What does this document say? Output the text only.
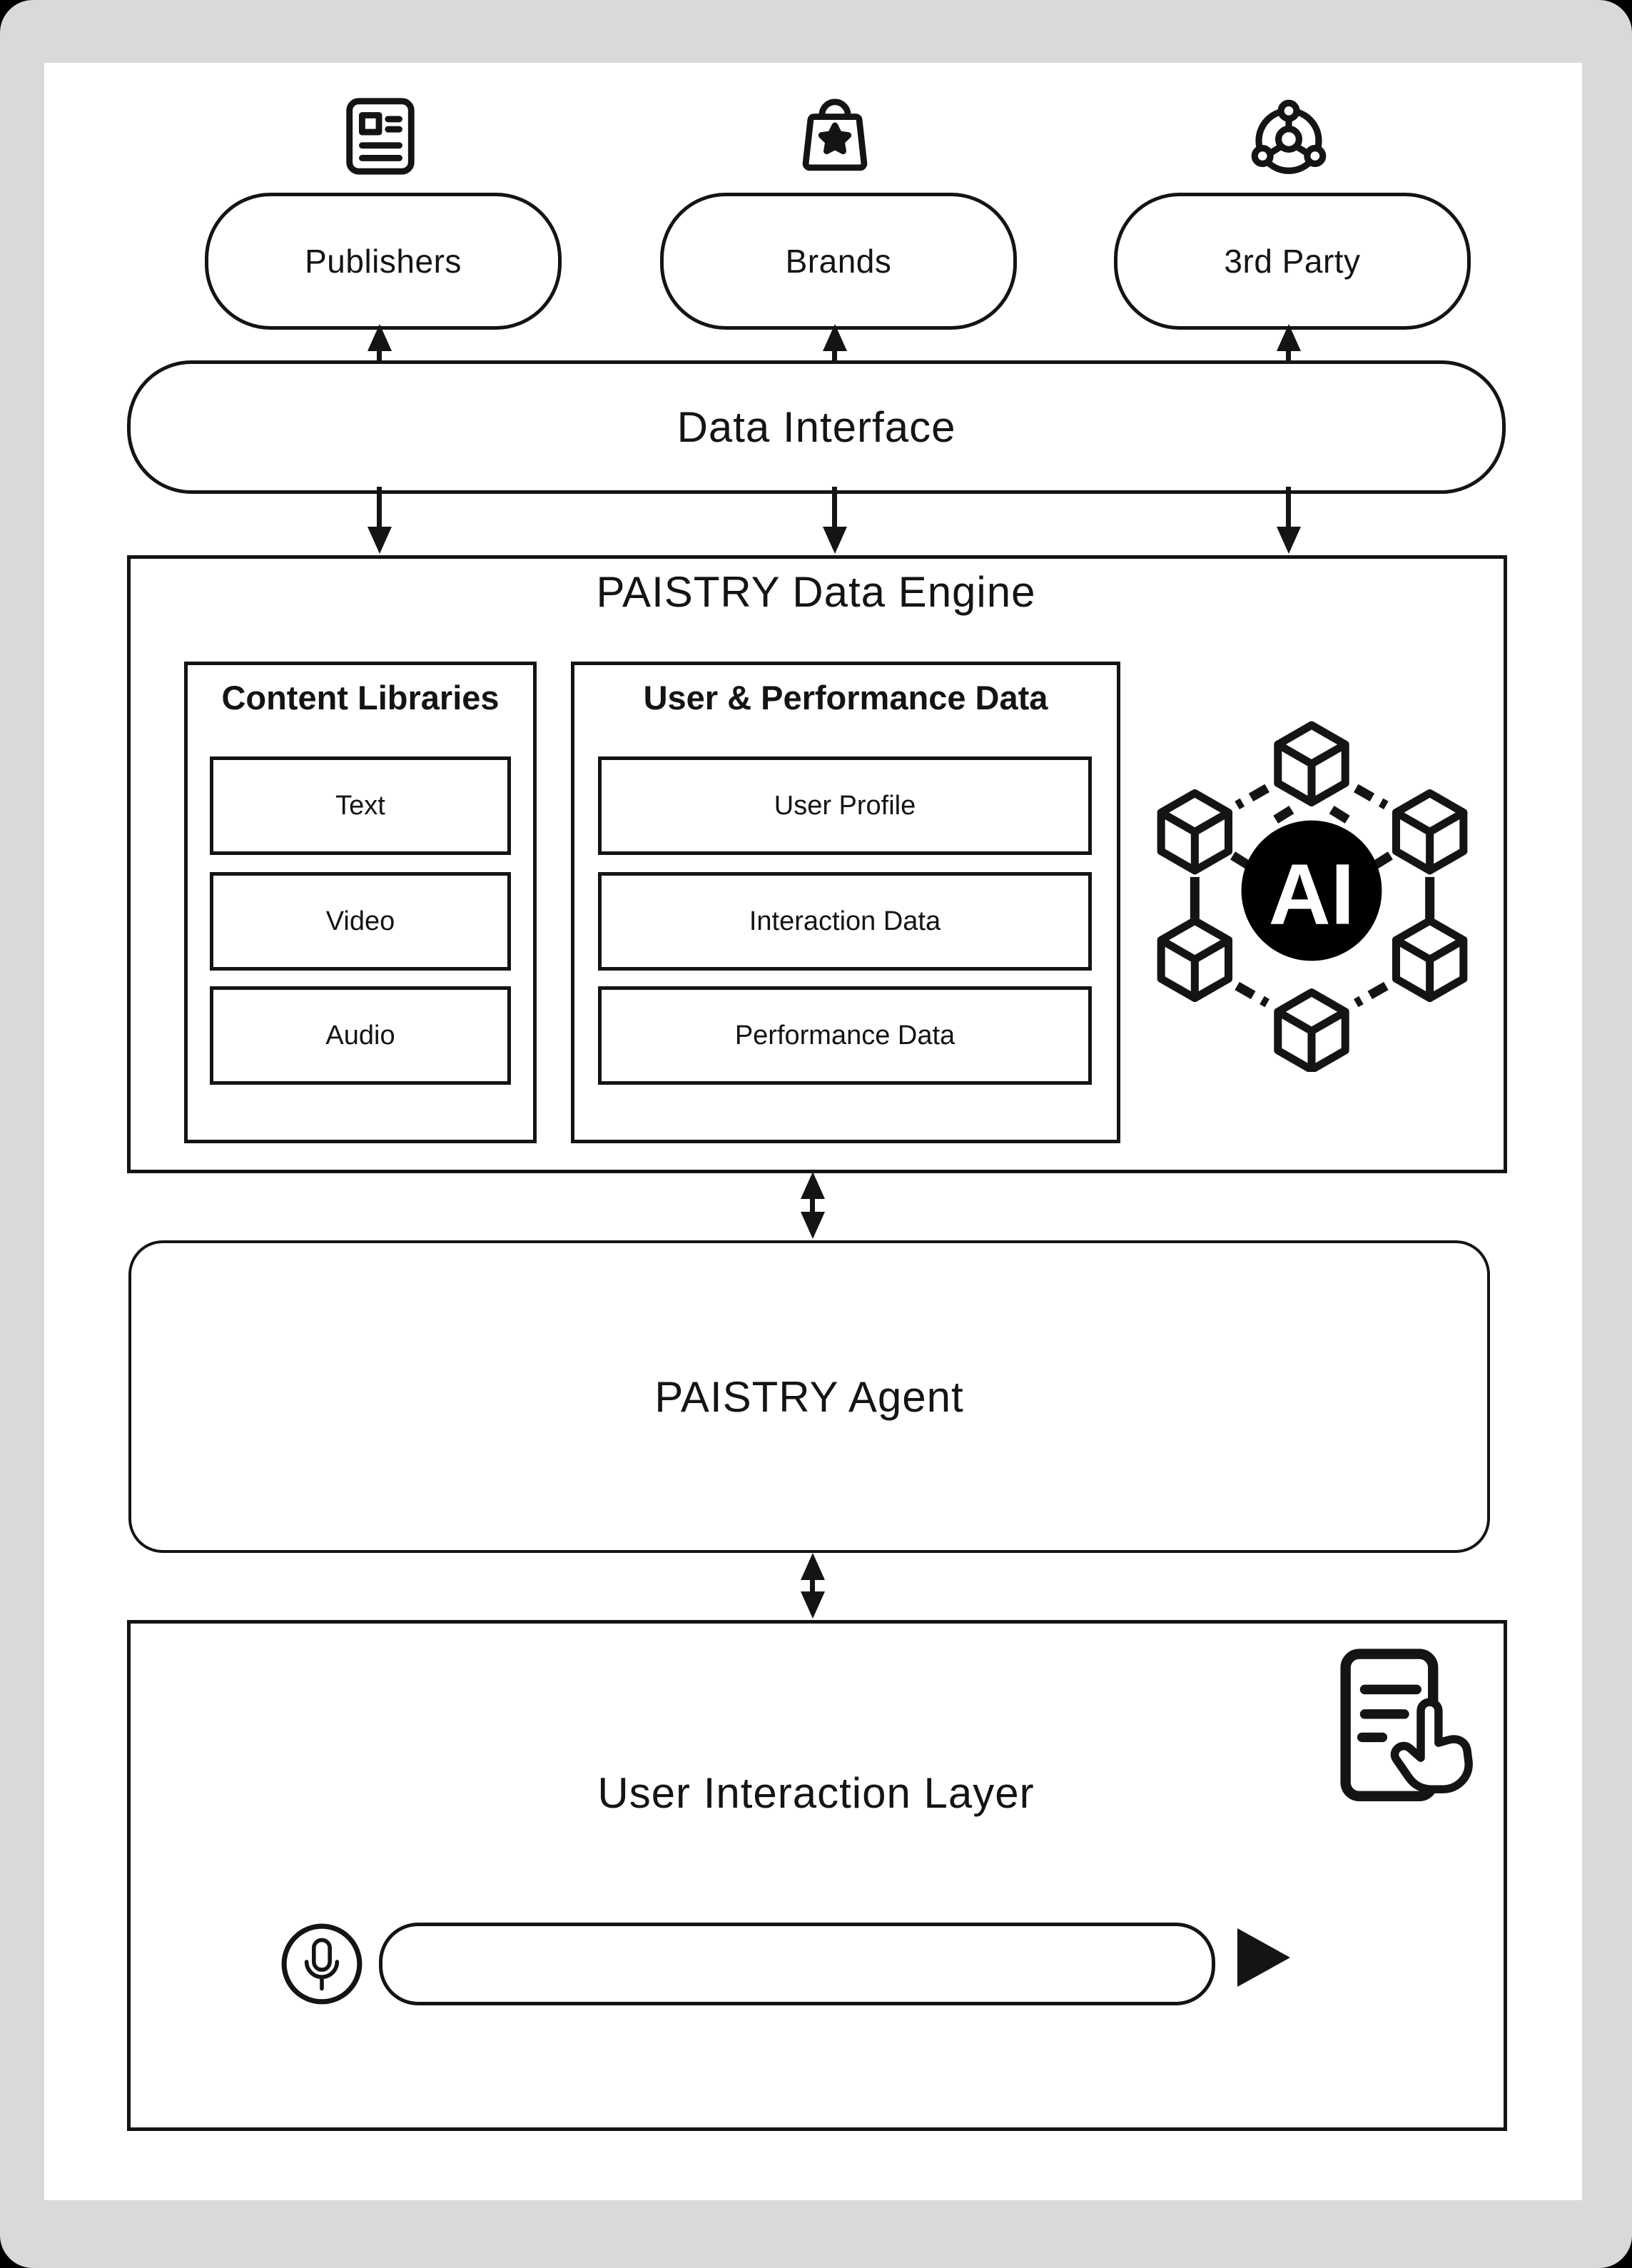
Publishers	Brands	3rd Party
Data Interface
PAISTRY Data Engine
Content Libraries
Text
Video
Audio
User & Performance Data
User Profile
Interaction Data
Performance Data
AI
PAISTRY Agent
User Interaction Layer
